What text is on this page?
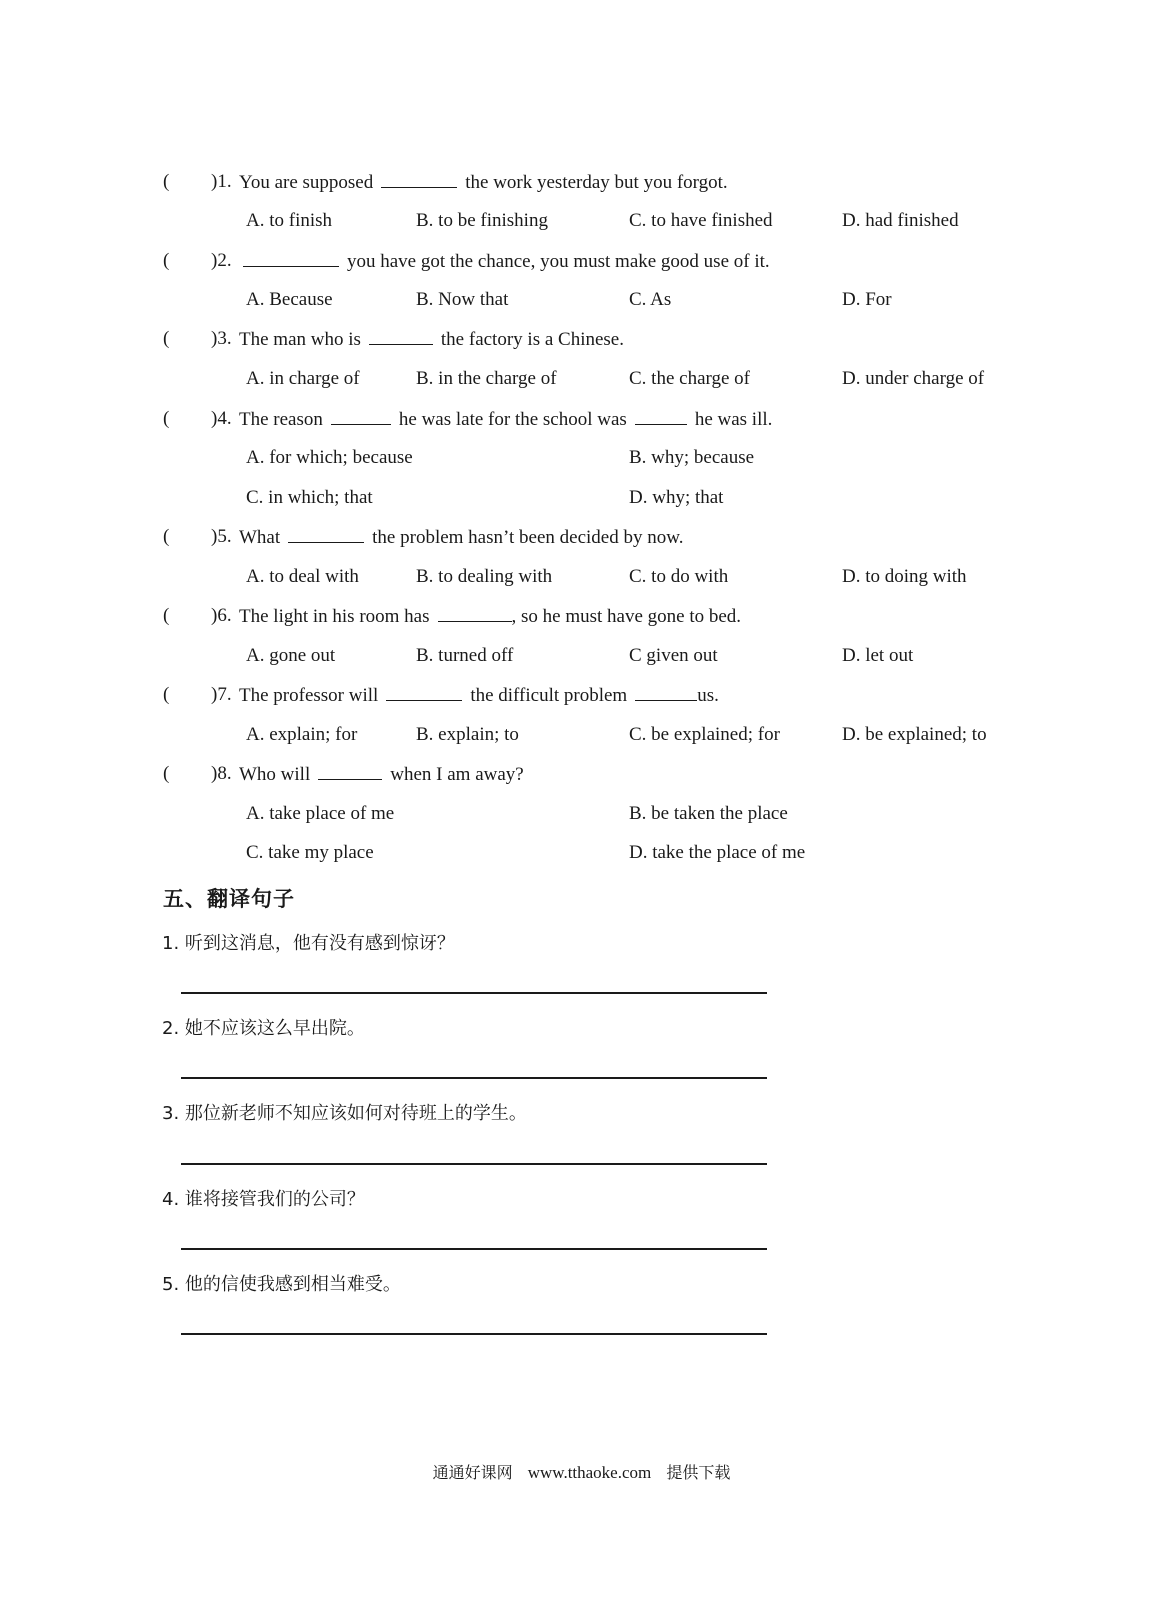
( )1. You are supposed	the work yesterday but you forgot.
A. to finish	B. to be finishing	C. to have finished	D. had finished
( )2.	you have got the chance, you must make good use of it.
A. Because	B. Now that	C. As	D. For
( )3. The man who is	the factory is a Chinese.
A. in charge of	B. in the charge of	C. the charge of	D. under charge of
( )4. The reason	he was late for the school was	he was ill.
A. for which; because	B. why; because
C. in which; that	D. why; that
( )5. What	the problem hasn’t been decided by now.
A. to deal with	B. to dealing with	C. to do with	D. to doing with
( )6. The light in his room has	, so he must have gone to bed.
A. gone out	B. turned off	C given out	D. let out
( )7. The professor will	the difficult problem	us.
A. explain; for	B. explain; to	C. be explained; for	D. be explained; to
( )8. Who will	when I am away?
A. take place of me	B. be taken the place
C. take my place	D. take the place of me
五、翻译句子
1. 听到这消息，他有没有感到惊讶？
2. 她不应该这么早出院。
3. 那位新老师不知应该如何对待班上的学生。
4. 谁将接管我们的公司？
5. 他的信使我感到相当难受。
通通好课网 www.tthaoke.com 提供下载
